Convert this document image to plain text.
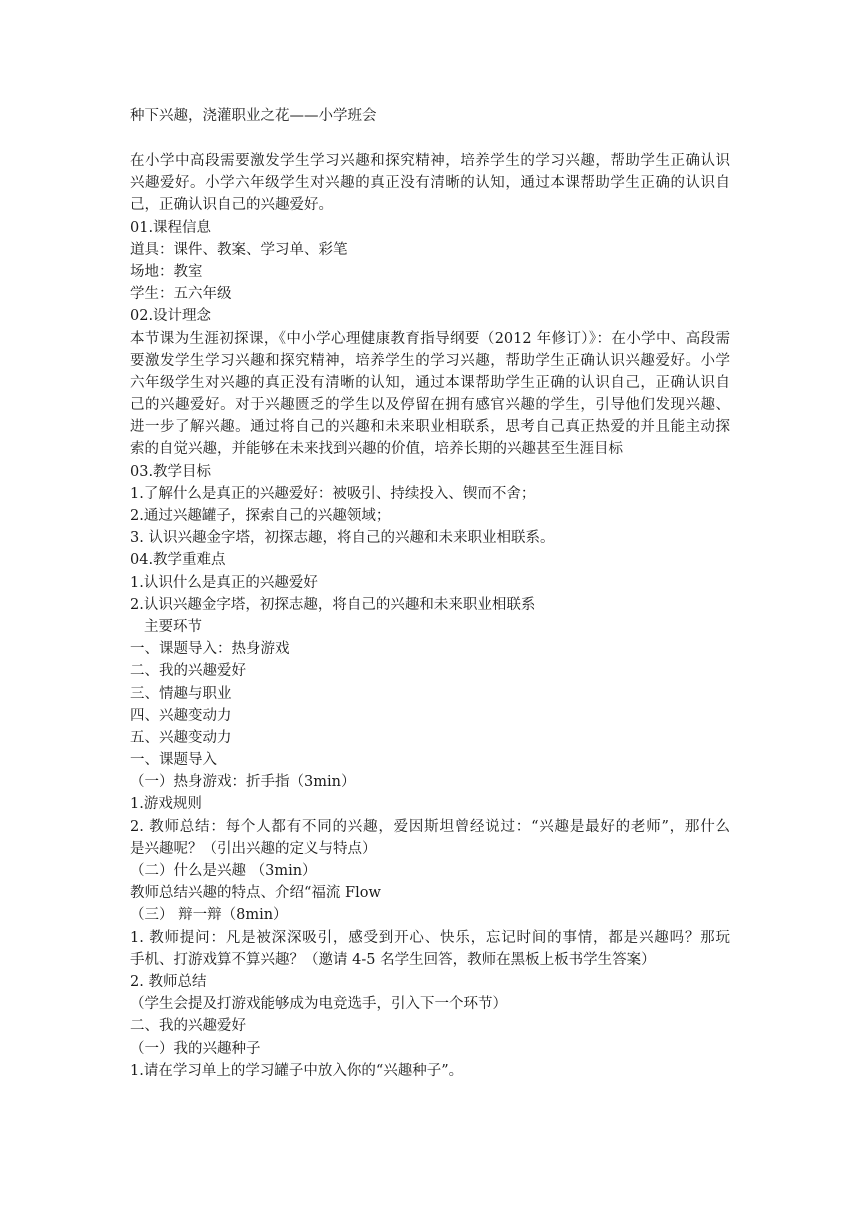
种下兴趣，浇灌职业之花——小学班会
在小学中高段需要激发学生学习兴趣和探究精神，培养学生的学习兴趣，帮助学生正确认识
兴趣爱好。小学六年级学生对兴趣的真正没有清晰的认知，通过本课帮助学生正确的认识自
己，正确认识自己的兴趣爱好。
01.课程信息
道具：课件、教案、学习单、彩笔
场地：教室
学生：五六年级
02.设计理念
本节课为生涯初探课，《中小学心理健康教育指导纲要（2012 年修订）》：在小学中、高段需
要激发学生学习兴趣和探究精神，培养学生的学习兴趣，帮助学生正确认识兴趣爱好。小学
六年级学生对兴趣的真正没有清晰的认知，通过本课帮助学生正确的认识自己，正确认识自
己的兴趣爱好。对于兴趣匮乏的学生以及停留在拥有感官兴趣的学生，引导他们发现兴趣、
进一步了解兴趣。通过将自己的兴趣和未来职业相联系，思考自己真正热爱的并且能主动探
索的自觉兴趣，并能够在未来找到兴趣的价值，培养长期的兴趣甚至生涯目标
03.教学目标
1.了解什么是真正的兴趣爱好：被吸引、持续投入、锲而不舍；
2.通过兴趣罐子，探索自己的兴趣领域；
3. 认识兴趣金字塔，初探志趣，将自己的兴趣和未来职业相联系。
04.教学重难点
1.认识什么是真正的兴趣爱好
2.认识兴趣金字塔，初探志趣，将自己的兴趣和未来职业相联系
主要环节
一、课题导入：热身游戏
二、我的兴趣爱好
三、情趣与职业
四、兴趣变动力
五、兴趣变动力
一、课题导入
（一）热身游戏：折手指（3min）
1.游戏规则
2. 教师总结：每个人都有不同的兴趣，爱因斯坦曾经说过：“兴趣是最好的老师”，那什么
是兴趣呢？（引出兴趣的定义与特点）
（二）什么是兴趣 （3min）
教师总结兴趣的特点、介绍“福流 Flow
（三） 辩一辩（8min）
1. 教师提问：凡是被深深吸引，感受到开心、快乐，忘记时间的事情，都是兴趣吗？那玩
手机、打游戏算不算兴趣？（邀请 4-5 名学生回答，教师在黑板上板书学生答案）
2. 教师总结
（学生会提及打游戏能够成为电竞选手，引入下一个环节）
二、我的兴趣爱好
（一）我的兴趣种子
1.请在学习单上的学习罐子中放入你的“兴趣种子”。
